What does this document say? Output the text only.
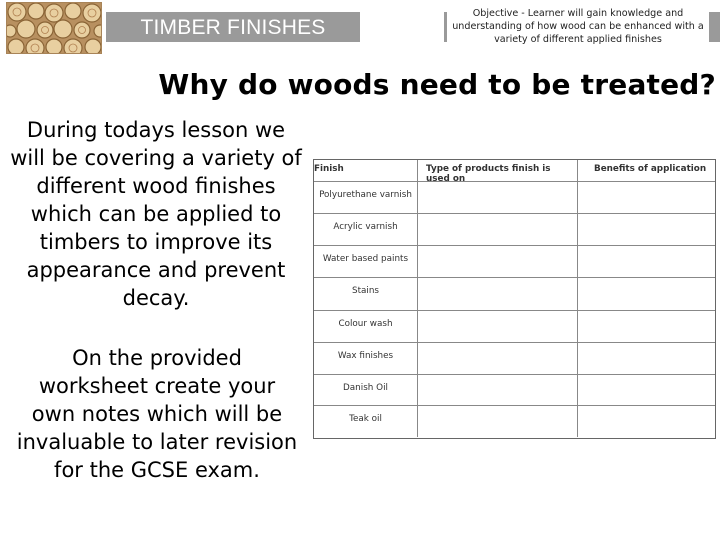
TIMBER FINISHES
Objective - Learner will gain knowledge and understanding of how wood can be enhanced with a variety of different applied finishes
Why do woods need to be treated?
During todays lesson we will be covering a variety of different wood finishes which can be applied to timbers to improve its appearance and prevent decay.
On the provided worksheet create your own notes which will be invaluable to later revision for the GCSE exam.
Finish	Type of products finish is used on
Benefits of application
Polyurethane varnish
Acrylic varnish
Water based paints
Stains
Colour wash
Wax finishes
Danish Oil
Teak oil
